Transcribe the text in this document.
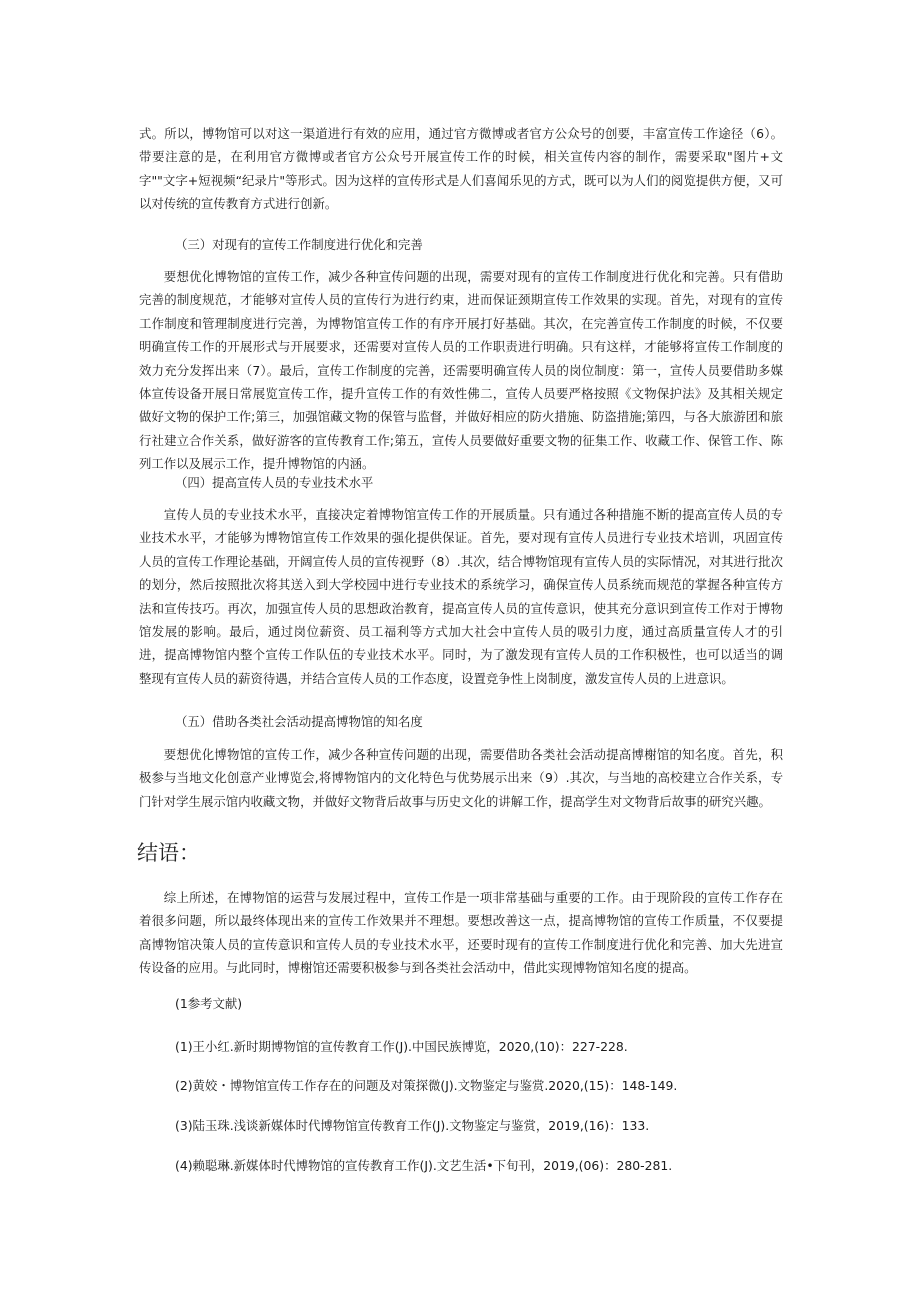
式。所以，博物馆可以对这一渠道进行有效的应用，通过官方微博或者官方公众号的创要，丰富宣传工作途径（6）。带要注意的是，在利用官方微博或者官方公众号开展宣传工作的时候，相关宣传内容的制作，需要采取"图片+文字""文字+短视频“纪录片"等形式。因为这样的宣传形式是人们喜闻乐见的方式，既可以为人们的阅览提供方便，又可以对传统的宣传教育方式进行创新。

（三）对现有的宣传工作制度进行优化和完善

要想优化博物馆的宣传工作，减少各种宣传问题的出现，需要对现有的宣传工作制度进行优化和完善。只有借助完善的制度规范，才能够对宣传人员的宣传行为进行约束，进而保证颈期宣传工作效果的实现。首先，对现有的宣传工作制度和管理制度进行完善，为博物馆宣传工作的有序开展打好基础。其次，在完善宣传工作制度的时候，不仅要明确宣传工作的开展形式与开展要求，还需要对宣传人员的工作职责进行明确。只有这样，才能够将宣传工作制度的效力充分发挥出来（7）。最后，宣传工作制度的完善，还需要明确宣传人员的岗位制度：第一，宣传人员要借助多媒体宣传设备开展日常展览宣传工作，提升宣传工作的有效性佛二，宣传人员要严格按照《文物保护法》及其相关规定做好文物的保护工作;第三，加强馆藏文物的保管与监督，并做好相应的防火措施、防盗措施;第四，与各大旅游团和旅行社建立合作关系，做好游客的宣传教育工作;第五，宣传人员要做好重要文物的征集工作、收藏工作、保管工作、陈列工作以及展示工作，提升博物馆的内涵。

（四）提高宣传人员的专业技术水平

宣传人员的专业技术水平，直接决定着博物馆宣传工作的开展质量。只有通过各种措施不断的提高宣传人员的专业技术水平，才能够为博物馆宣传工作效果的强化提供保证。首先，要对现有宣传人员进行专业技术培训，巩固宣传人员的宣传工作理论基础，开阔宣传人员的宣传视野（8）.其次，结合博物馆现有宣传人员的实际情况，对其进行批次的划分，然后按照批次将其送入到大学校园中进行专业技术的系统学习，确保宣传人员系统而规范的掌握各种宣传方法和宣传技巧。再次，加强宣传人员的思想政治教育，提高宣传人员的宣传意识，使其充分意识到宣传工作对于博物馆发展的影响。最后，通过岗位薪资、员工福利等方式加大社会中宣传人员的吸引力度，通过高质量宣传人才的引进，提高博物馆内整个宣传工作队伍的专业技术水平。同时，为了激发现有宣传人员的工作积极性，也可以适当的调整现有宣传人员的薪资待遇，并结合宣传人员的工作态度，设置竞争性上岗制度，激发宣传人员的上进意识。

（五）借助各类社会活动提高博物馆的知名度

要想优化博物馆的宣传工作，减少各种宣传问题的出现，需要借助各类社会活动提高博榭馆的知名度。首先，积极参与当地文化创意产业博览会,将博物馆内的文化特色与优势展示出来（9）.其次，与当地的高校建立合作关系，专门针对学生展示馆内收藏文物，并做好文物背后故事与历史文化的讲解工作，提高学生对文物背后故事的研究兴趣。

结语：

综上所述，在博物馆的运营与发展过程中，宣传工作是一项非常基础与重要的工作。由于现阶段的宣传工作存在着很多问题，所以最终体现出来的宣传工作效果并不理想。要想改善这一点，提高博物馆的宣传工作质量，不仅要提高博物馆决策人员的宣传意识和宣传人员的专业技术水平，还要时现有的宣传工作制度进行优化和完善、加大先进宣传设备的应用。与此同时，博榭馆还需要积极参与到各类社会活动中，借此实现博物馆知名度的提高。

(1参考文献)

(1)王小红.新时期博物馆的宣传教育工作(J).中国民族博览，2020,(10)：227-228.

(2)黄姣・博物馆宣传工作存在的问题及对策探微(J).文物鉴定与鉴赏.2020,(15)：148-149.

(3)陆玉珠.浅谈新媒体时代博物馆宣传教育工作(J).文物鉴定与鉴赏，2019,(16)：133.

(4)赖聪琳.新媒体时代博物馆的宣传教育工作(J).文艺生活•下旬刊，2019,(06)：280-281.
